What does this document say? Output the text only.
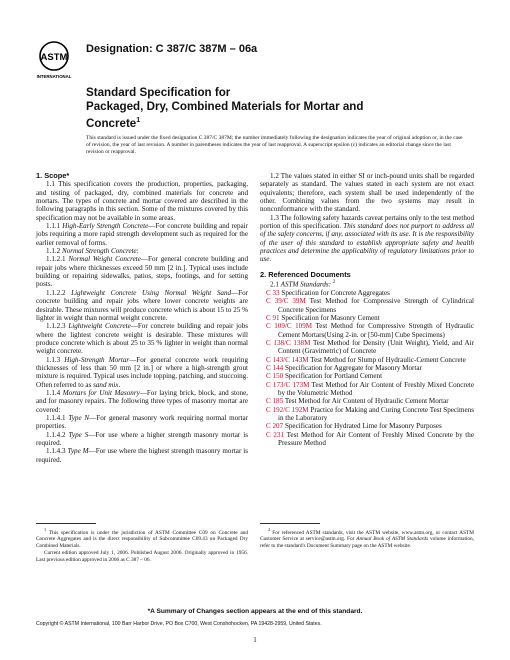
ASTM
INTERNATIONAL
Designation: C 387/C 387M – 06a
Standard Specification for
Packaged, Dry, Combined Materials for Mortar and
Concrete$^1$
This standard is issued under the fixed designation C 387/C 387M; the number immediately following the designation indicates the year of original adoption or, in the case of revision, the year of last revision. A number in parentheses indicates the year of last reapproval. A superscript epsilon (ε) indicates an editorial change since the last revision or reapproval.

1. Scope*

1.1 This specification covers the production, properties, packaging, and testing of packaged, dry, combined materials for concrete and mortars. The types of concrete and mortar covered are described in the following paragraphs in this section. Some of the mixtures covered by this specification may not be available in some areas.

1.1.1 High-Early Strength Concrete—For concrete building and repair jobs requiring a more rapid strength development such as required for the earlier removal of forms.

1.1.2 Normal Strength Concrete:

1.1.2.1 Normal Weight Concrete—For general concrete building and repair jobs where thicknesses exceed 50 mm [2 in.]. Typical uses include building or repairing sidewalks, patios, steps, footings, and for setting posts.

1.1.2.2 Lightweight Concrete Using Normal Weight Sand—For concrete building and repair jobs where lower concrete weights are desirable. These mixtures will produce concrete which is about 15 to 25 % lighter in weight than normal weight concrete.

1.1.2.3 Lightweight Concrete—For concrete building and repair jobs where the lightest concrete weight is desirable. These mixtures will produce concrete which is about 25 to 35 % lighter in weight than normal weight concrete.

1.1.3 High-Strength Mortar—For general concrete work requiring thicknesses of less than 50 mm [2 in.] or where a high-strength grout mixture is required. Typical uses include topping, patching, and stuccoing. Often referred to as sand mix.

1.1.4 Mortars for Unit Masonry—For laying brick, block, and stone, and for masonry repairs. The following three types of masonry mortar are covered:

1.1.4.1 Type N—For general masonry work requiring normal mortar properties.

1.1.4.2 Type S—For use where a higher strength masonry mortar is required.

1.1.4.3 Type M—For use where the highest strength masonry mortar is required.

1.2 The values stated in either SI or inch-pound units shall be regarded separately as standard. The values stated in each system are not exact equivalents; therefore, each system shall be used independently of the other. Combining values from the two systems may result in nonconformance with the standard.

1.3 The following safety hazards caveat pertains only to the test method portion of this specification. This standard does not purport to address all of the safety concerns, if any, associated with its use. It is the responsibility of the user of this standard to establish appropriate safety and health practices and determine the applicability of regulatory limitations prior to use.

2. Referenced Documents

2.1 ASTM Standards: $^2$

C 33 Specification for Concrete Aggregates

C 39/C 39M Test Method for Compressive Strength of Cylindrical Concrete Specimens

C 91 Specification for Masonry Cement

C 109/C 109M Test Method for Compressive Strength of Hydraulic Cement Mortars(Using 2-in. or [50-mm] Cube Specimens)

C 138/C 138M Test Method for Density (Unit Weight), Yield, and Air Content (Gravimetric) of Concrete

C 143/C 143M Test Method for Slump of Hydraulic-Cement Concrete

C 144 Specification for Aggregate for Masonry Mortar

C 150 Specification for Portland Cement

C 173/C 173M Test Method for Air Content of Freshly Mixed Concrete by the Volumetric Method

C 185 Test Method for Air Content of Hydraulic Cement Mortar

C 192/C 192M Practice for Making and Curing Concrete Test Specimens in the Laboratory

C 207 Specification for Hydrated Lime for Masonry Purposes

C 231 Test Method for Air Content of Freshly Mixed Concrete by the Pressure Method

$^1$ This specification is under the jurisdiction of ASTM Committee C09 on Concrete and Concrete Aggregates and is the direct responsibility of Subcommittee C09.43 on Packaged Dry Combined Materials.

Current edition approved July 1, 2006. Published August 2006. Originally approved in 1956. Last previous edition approved in 2006 as C 387 – 06.

$^2$ For referenced ASTM standards, visit the ASTM website, www.astm.org, or contact ASTM Customer Service at service@astm.org. For Annual Book of ASTM Standards volume information, refer to the standard's Document Summary page on the ASTM website.

*A Summary of Changes section appears at the end of this standard.
Copyright © ASTM International, 100 Barr Harbor Drive, PO Box C700, West Conshohocken, PA 19428-2959, United States.
1
